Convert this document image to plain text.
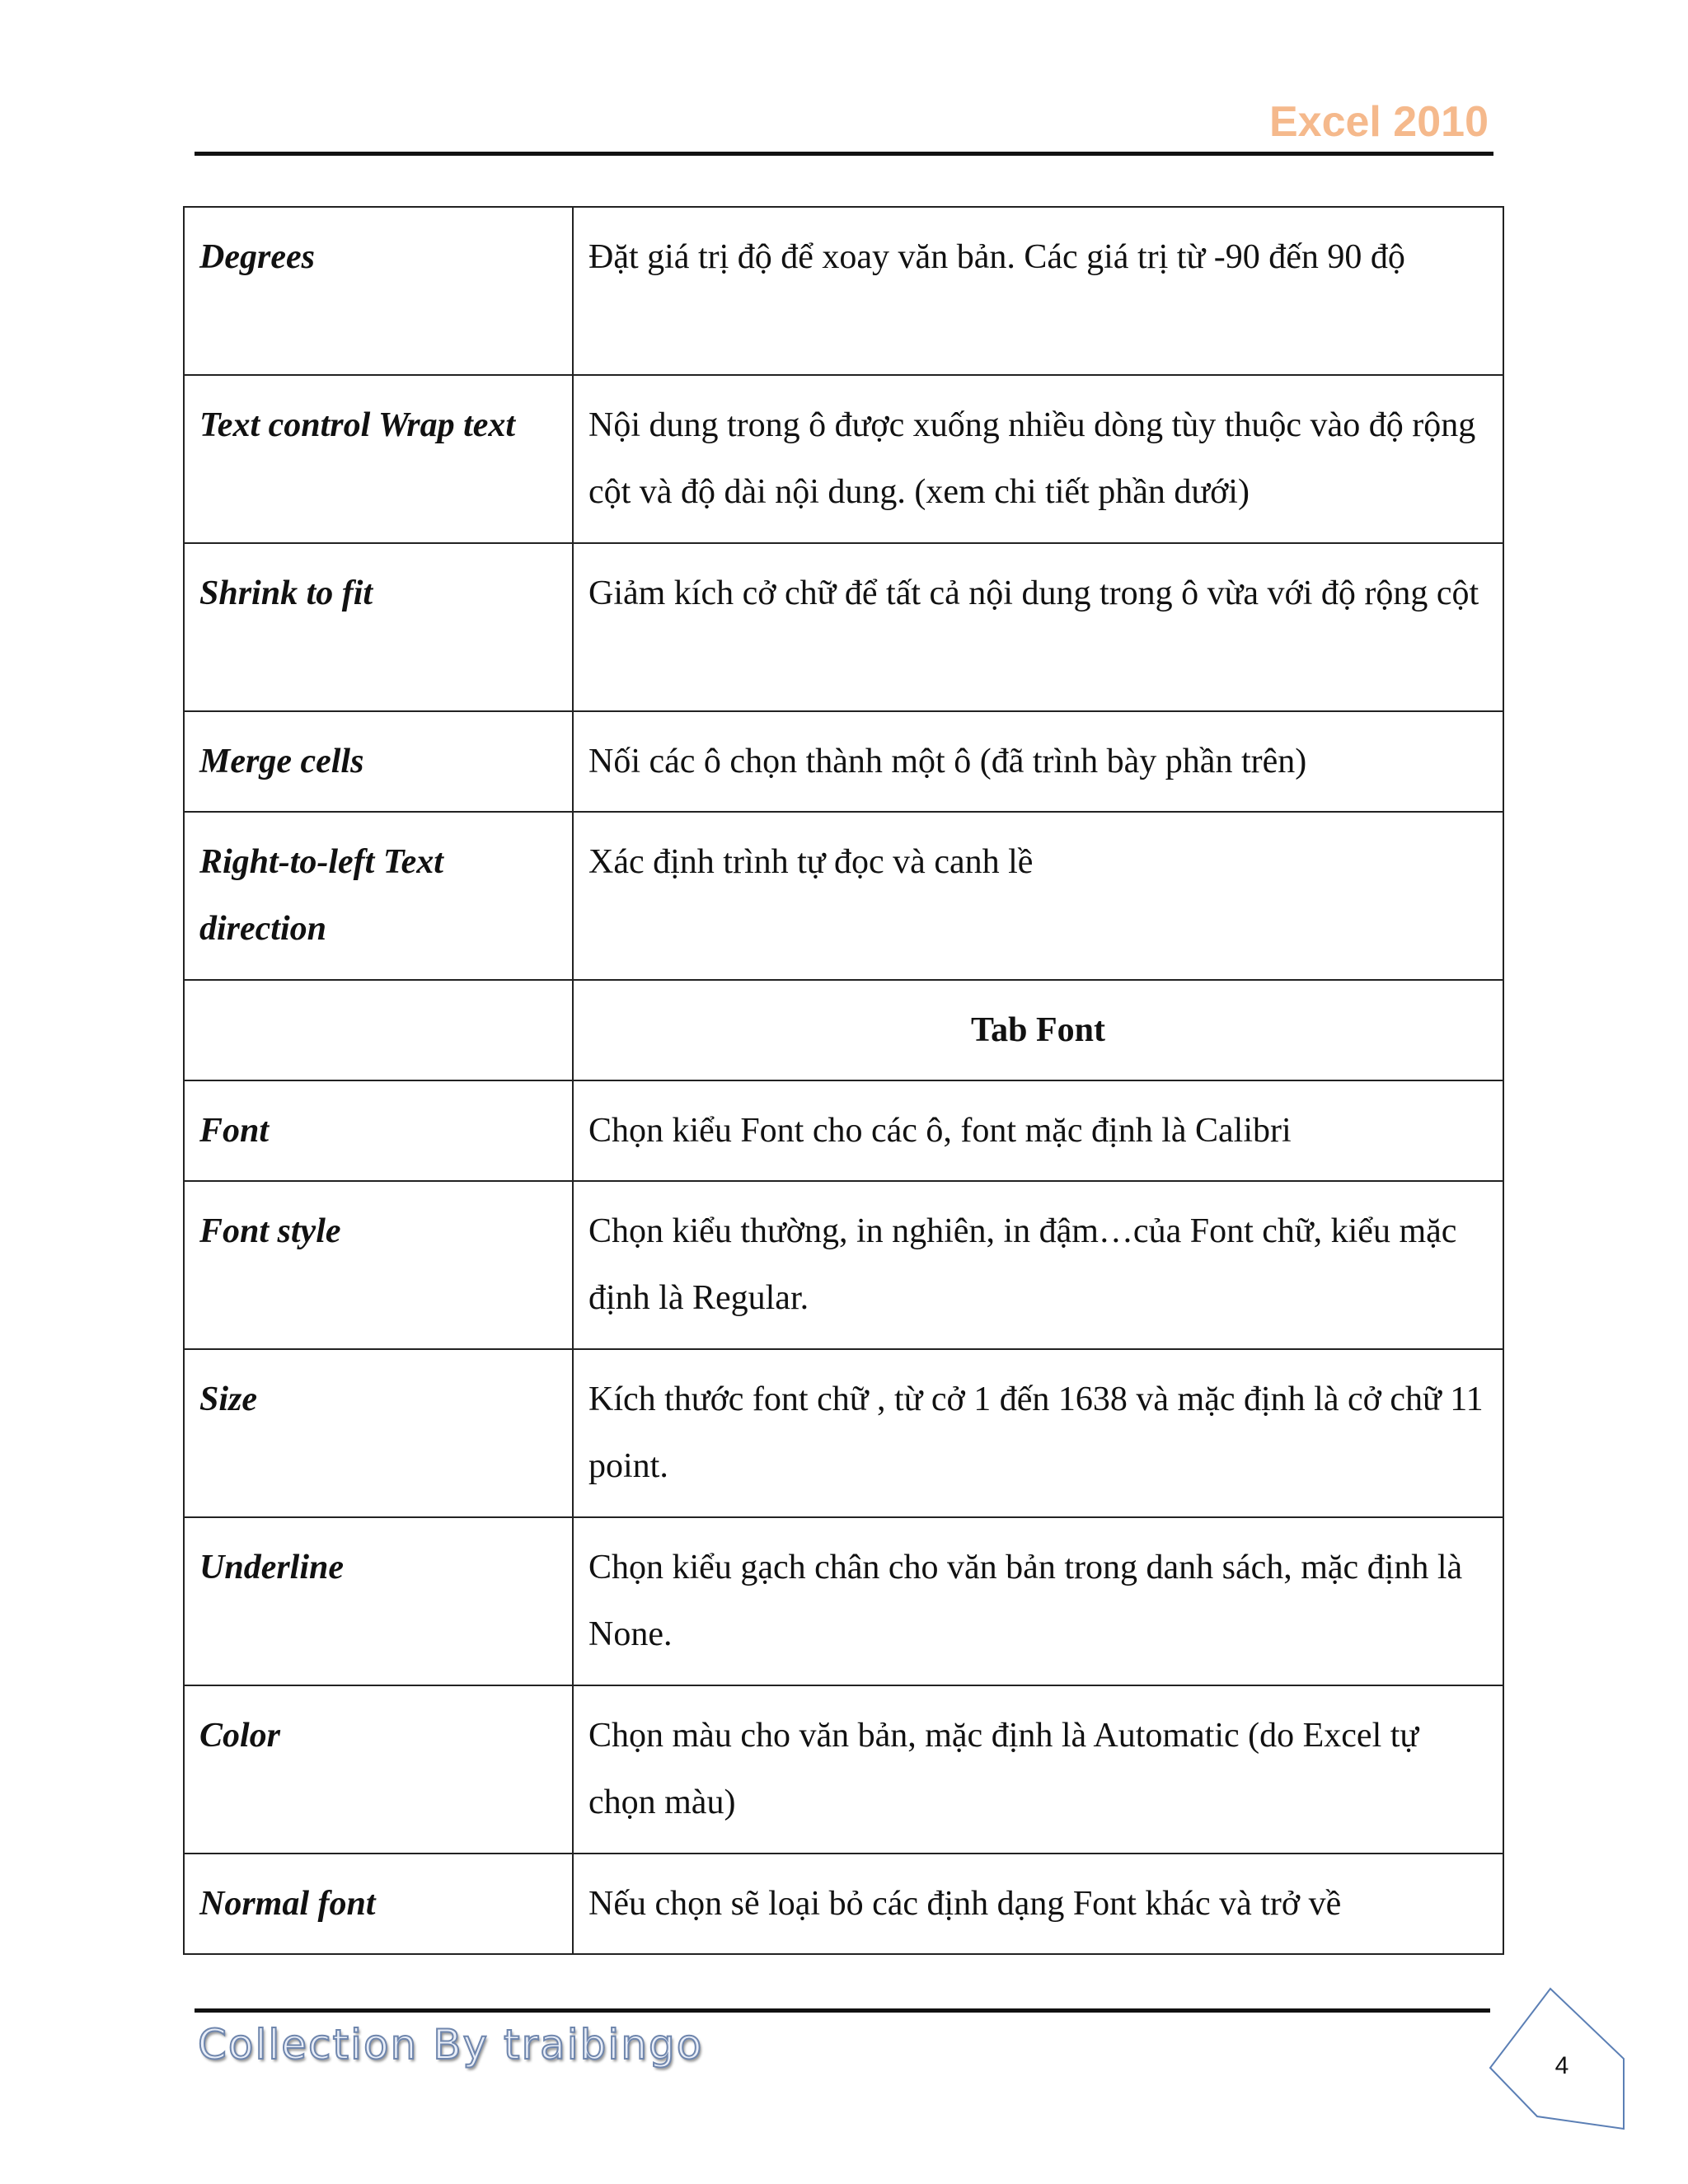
Excel 2010
Degrees	Đặt giá trị độ để xoay văn bản. Các giá trị từ -90 đến 90 độ
Text control Wrap text	Nội dung trong ô được xuống nhiều dòng tùy thuộc vào độ rộng cột và độ dài nội dung. (xem chi tiết phần dưới)
Shrink to fit	Giảm kích cở chữ để tất cả nội dung trong ô vừa với độ rộng cột
Merge cells	Nối các ô chọn thành một ô (đã trình bày phần trên)
Right-to-left Text direction	Xác định trình tự đọc và canh lề
	Tab Font
Font	Chọn kiểu Font cho các ô, font mặc định là Calibri
Font style	Chọn kiểu thường, in nghiên, in đậm…của Font chữ, kiểu mặc định là Regular.
Size	Kích thước font chữ , từ cở 1 đến 1638 và mặc định là cở chữ 11 point.
Underline	Chọn kiểu gạch chân cho văn bản trong danh sách, mặc định là None.
Color	Chọn màu cho văn bản, mặc định là Automatic (do Excel tự chọn màu)
Normal font	Nếu chọn sẽ loại bỏ các định dạng Font khác và trở về
Collection By traibingo	4
